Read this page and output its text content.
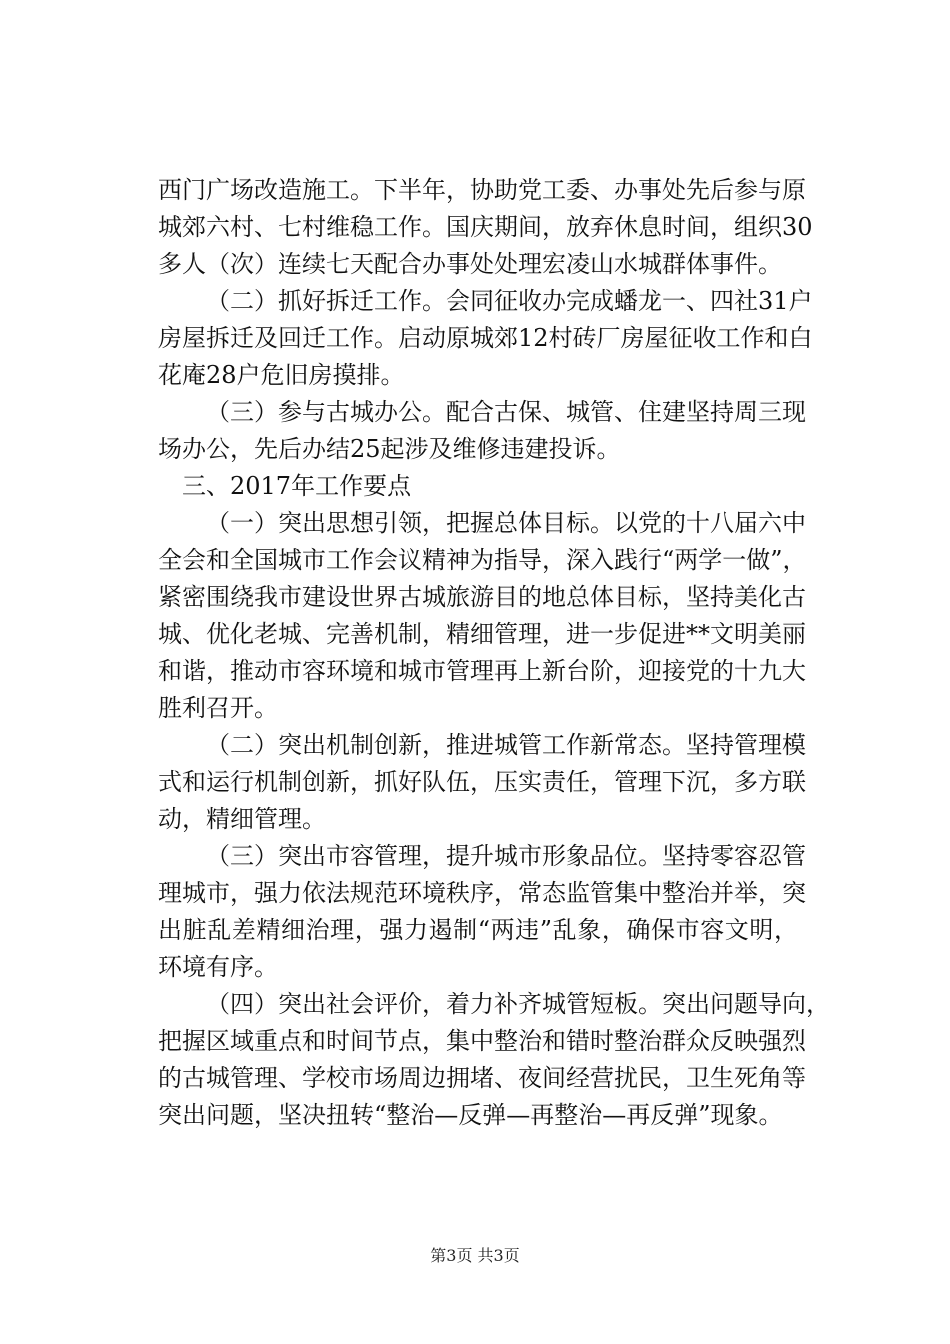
西门广场改造施工。下半年，协助党工委、办事处先后参与原
城郊六村、七村维稳工作。国庆期间，放弃休息时间，组织30
多人（次）连续七天配合办事处处理宏凌山水城群体事件。
（二）抓好拆迁工作。会同征收办完成蟠龙一、四社31户
房屋拆迁及回迁工作。启动原城郊12村砖厂房屋征收工作和白
花庵28户危旧房摸排。
（三）参与古城办公。配合古保、城管、住建坚持周三现
场办公，先后办结25起涉及维修违建投诉。
三、2017年工作要点
（一）突出思想引领，把握总体目标。以党的十八届六中
全会和全国城市工作会议精神为指导，深入践行“两学一做”，
紧密围绕我市建设世界古城旅游目的地总体目标，坚持美化古
城、优化老城、完善机制，精细管理，进一步促进**文明美丽
和谐，推动市容环境和城市管理再上新台阶，迎接党的十九大
胜利召开。
（二）突出机制创新，推进城管工作新常态。坚持管理模
式和运行机制创新，抓好队伍，压实责任，管理下沉，多方联
动，精细管理。
（三）突出市容管理，提升城市形象品位。坚持零容忍管
理城市，强力依法规范环境秩序，常态监管集中整治并举，突
出脏乱差精细治理，强力遏制“两违”乱象，确保市容文明，
环境有序。
（四）突出社会评价，着力补齐城管短板。突出问题导向，
把握区域重点和时间节点，集中整治和错时整治群众反映强烈
的古城管理、学校市场周边拥堵、夜间经营扰民，卫生死角等
突出问题，坚决扭转“整治—反弹—再整治—再反弹”现象。
第3页 共3页
